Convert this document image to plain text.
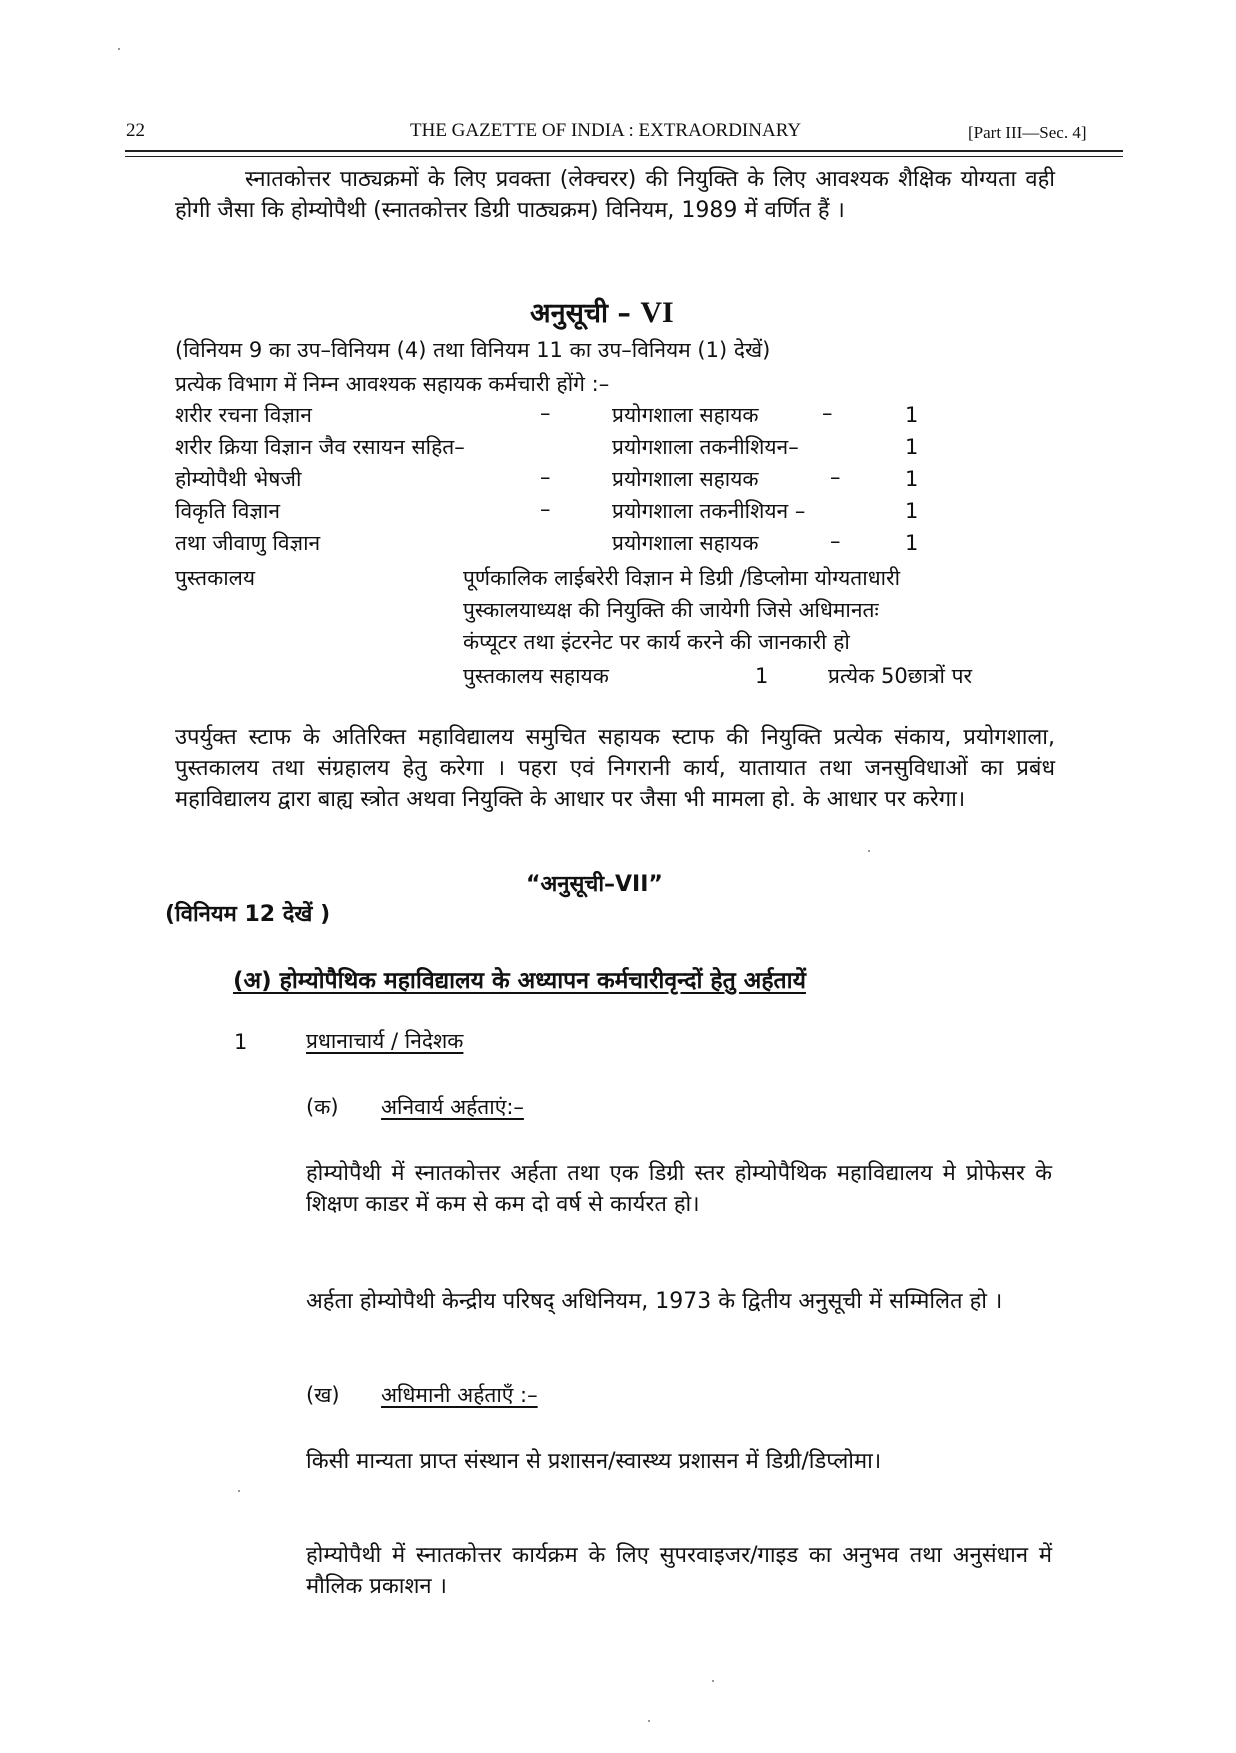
22	THE GAZETTE OF INDIA : EXTRAORDINARY	[Part III—Sec. 4]
स्नातकोत्तर पाठ्यक्रमों के लिए प्रवक्ता (लेक्चरर) की नियुक्ति के लिए आवश्यक शैक्षिक योग्यता वही होगी जैसा कि होम्योपैथी (स्नातकोत्तर डिग्री पाठ्यक्रम) विनियम, 1989 में वर्णित हैं ।
अनुसूची – VI
(विनियम 9 का उप–विनियम (4) तथा विनियम 11 का उप–विनियम (1) देखें)
प्रत्येक विभाग में निम्न आवश्यक सहायक कर्मचारी होंगे :–
शरीर रचना विज्ञान	–	प्रयोगशाला सहायक	–	1
शरीर क्रिया विज्ञान जैव रसायन सहित–	प्रयोगशाला तकनीशियन–	1
होम्योपैथी भेषजी	–	प्रयोगशाला सहायक	–	1
विकृति विज्ञान	–	प्रयोगशाला तकनीशियन –	1
तथा जीवाणु विज्ञान	प्रयोगशाला सहायक	–	1
पुस्तकालय	पूर्णकालिक लाईबरेरी विज्ञान मे डिग्री /डिप्लोमा योग्यताधारी
पुस्कालयाध्यक्ष की नियुक्ति की जायेगी जिसे अधिमानतः
कंप्यूटर तथा इंटरनेट पर कार्य करने की जानकारी हो
पुस्तकालय सहायक	1	प्रत्येक 50छात्रों पर
उपर्युक्त स्टाफ के अतिरिक्त महाविद्यालय समुचित सहायक स्टाफ की नियुक्ति प्रत्येक संकाय, प्रयोगशाला, पुस्तकालय तथा संग्रहालय हेतु करेगा । पहरा एवं निगरानी कार्य, यातायात तथा जनसुविधाओं का प्रबंध महाविद्यालय द्वारा बाह्य स्त्रोत अथवा नियुक्ति के आधार पर जैसा भी मामला हो. के आधार पर करेगा।
“अनुसूची–VII”
(विनियम 12 देखें )
(अ) होम्योपैथिक महाविद्यालय के अध्यापन कर्मचारीवृन्दों हेतु अर्हतायें
1	प्रधानाचार्य / निदेशक
(क) अनिवार्य अर्हताएं:–
होम्योपैथी में स्नातकोत्तर अर्हता तथा एक डिग्री स्तर होम्योपैथिक महाविद्यालय मे प्रोफेसर के शिक्षण काडर में कम से कम दो वर्ष से कार्यरत हो।
अर्हता होम्योपैथी केन्द्रीय परिषद् अधिनियम, 1973 के द्वितीय अनुसूची में सम्मिलित हो ।
(ख) अधिमानी अर्हताएँ :–
किसी मान्यता प्राप्त संस्थान से प्रशासन/स्वास्थ्य प्रशासन में डिग्री/डिप्लोमा।
होम्योपैथी में स्नातकोत्तर कार्यक्रम के लिए सुपरवाइजर/गाइड का अनुभव तथा अनुसंधान में मौलिक प्रकाशन ।
